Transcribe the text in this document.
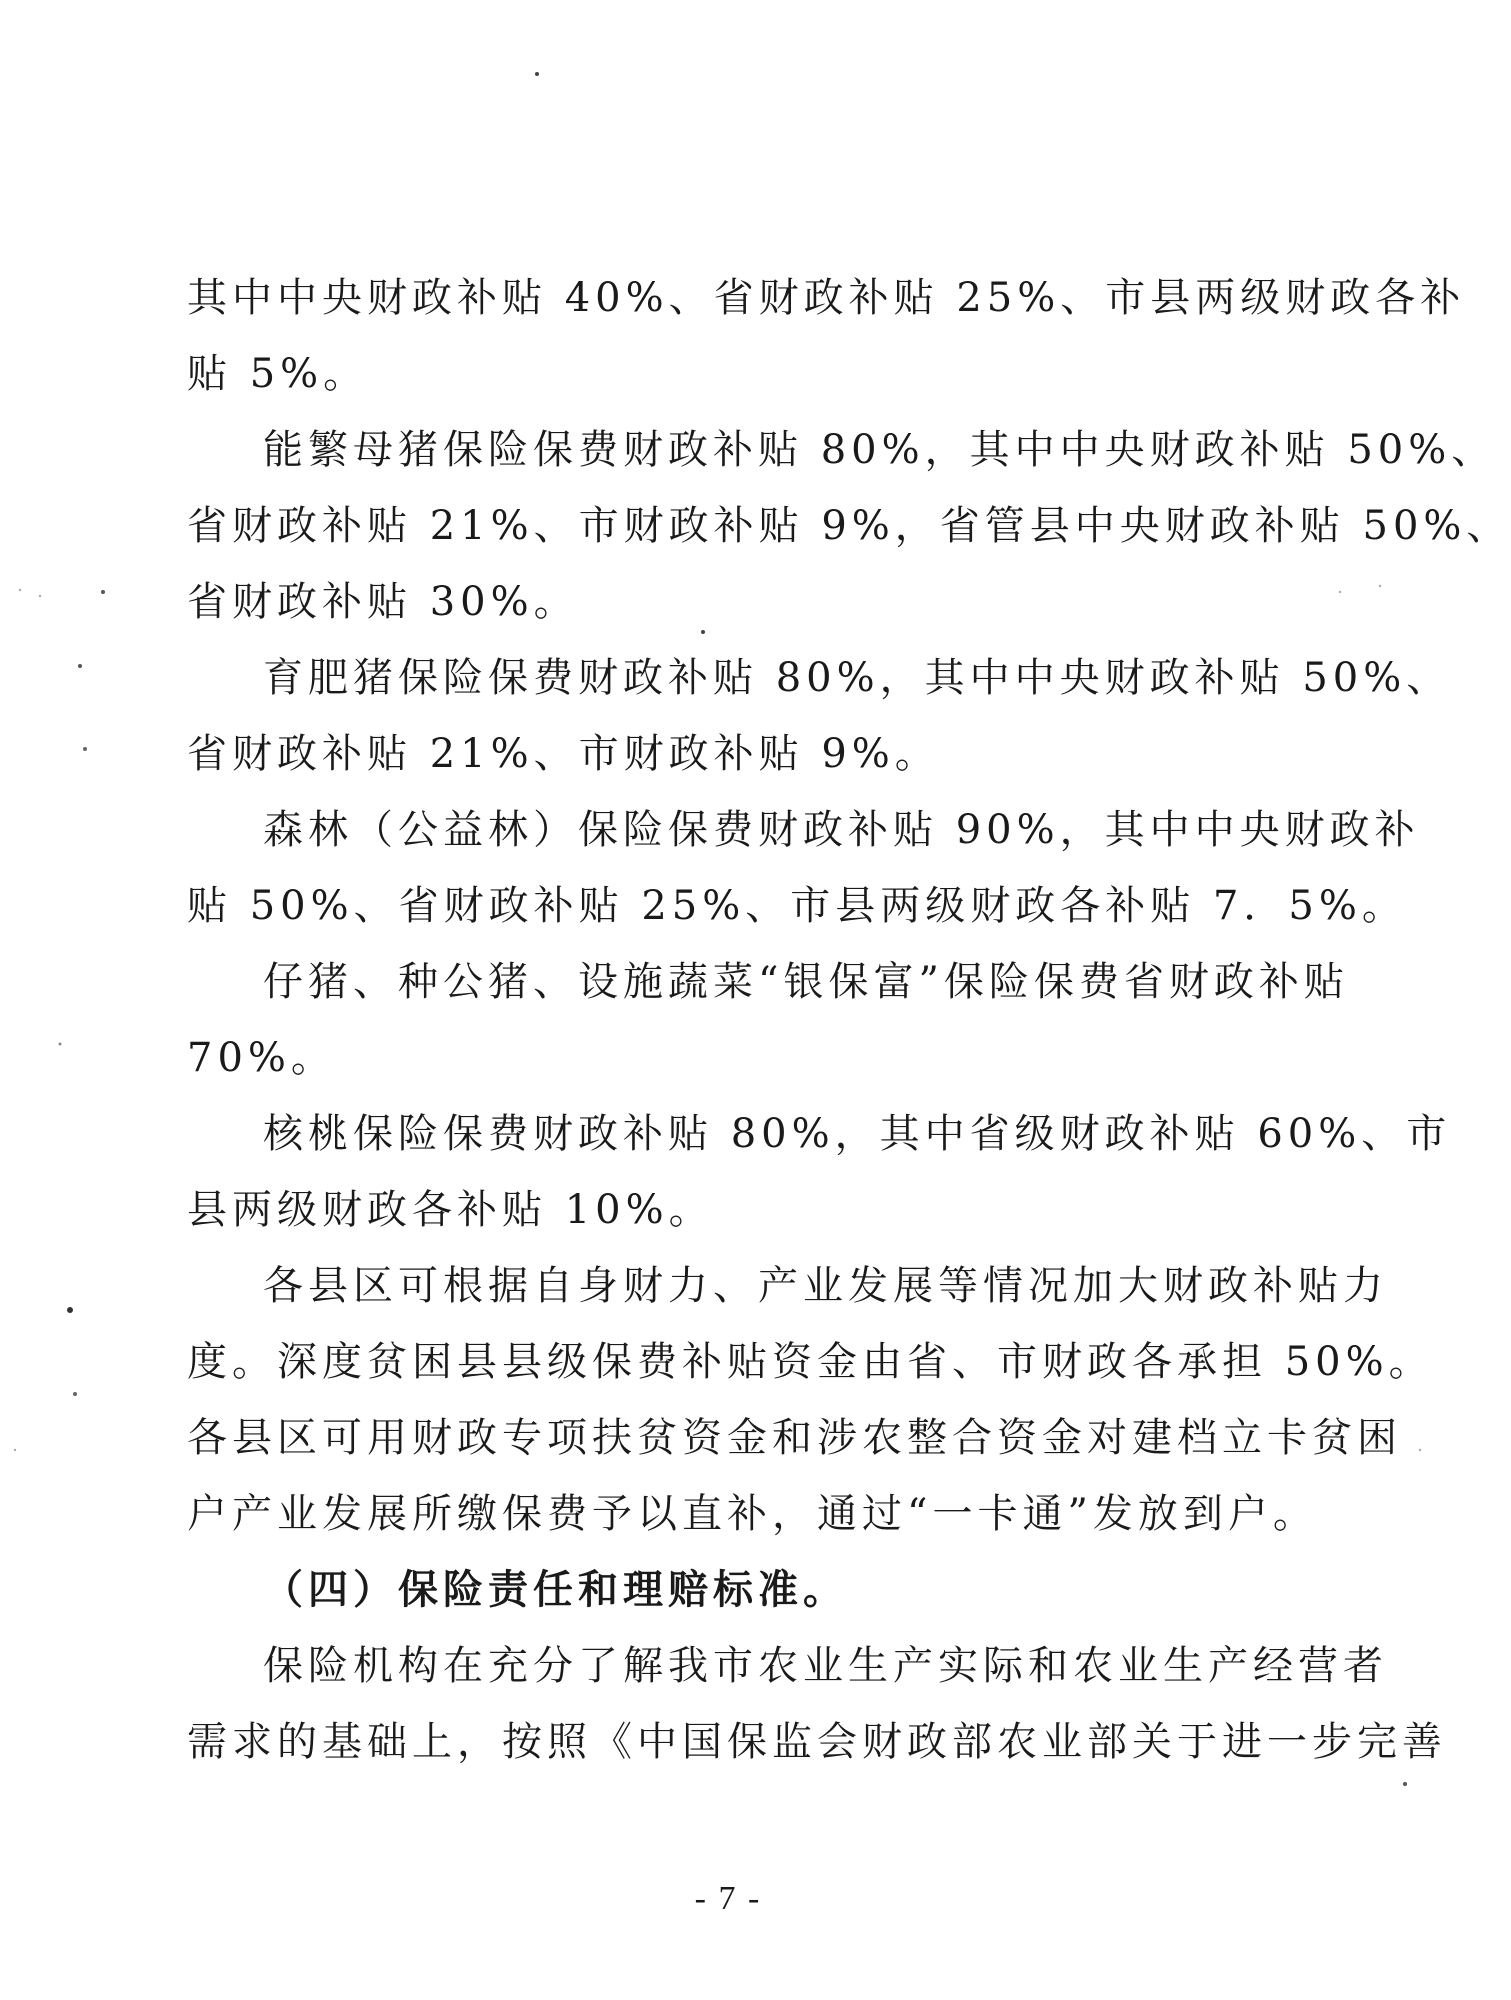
其中中央财政补贴 40%、省财政补贴 25%、市县两级财政各补
贴 5%。
能繁母猪保险保费财政补贴 80%，其中中央财政补贴 50%、
省财政补贴 21%、市财政补贴 9%，省管县中央财政补贴 50%、
省财政补贴 30%。
育肥猪保险保费财政补贴 80%，其中中央财政补贴 50%、
省财政补贴 21%、市财政补贴 9%。
森林（公益林）保险保费财政补贴 90%，其中中央财政补
贴 50%、省财政补贴 25%、市县两级财政各补贴 7．5%。
仔猪、种公猪、设施蔬菜“银保富”保险保费省财政补贴
70%。
核桃保险保费财政补贴 80%，其中省级财政补贴 60%、市
县两级财政各补贴 10%。
各县区可根据自身财力、产业发展等情况加大财政补贴力
度。深度贫困县县级保费补贴资金由省、市财政各承担 50%。
各县区可用财政专项扶贫资金和涉农整合资金对建档立卡贫困
户产业发展所缴保费予以直补，通过“一卡通”发放到户。
（四）保险责任和理赔标准。
保险机构在充分了解我市农业生产实际和农业生产经营者
需求的基础上，按照《中国保监会财政部农业部关于进一步完善
- 7 -
